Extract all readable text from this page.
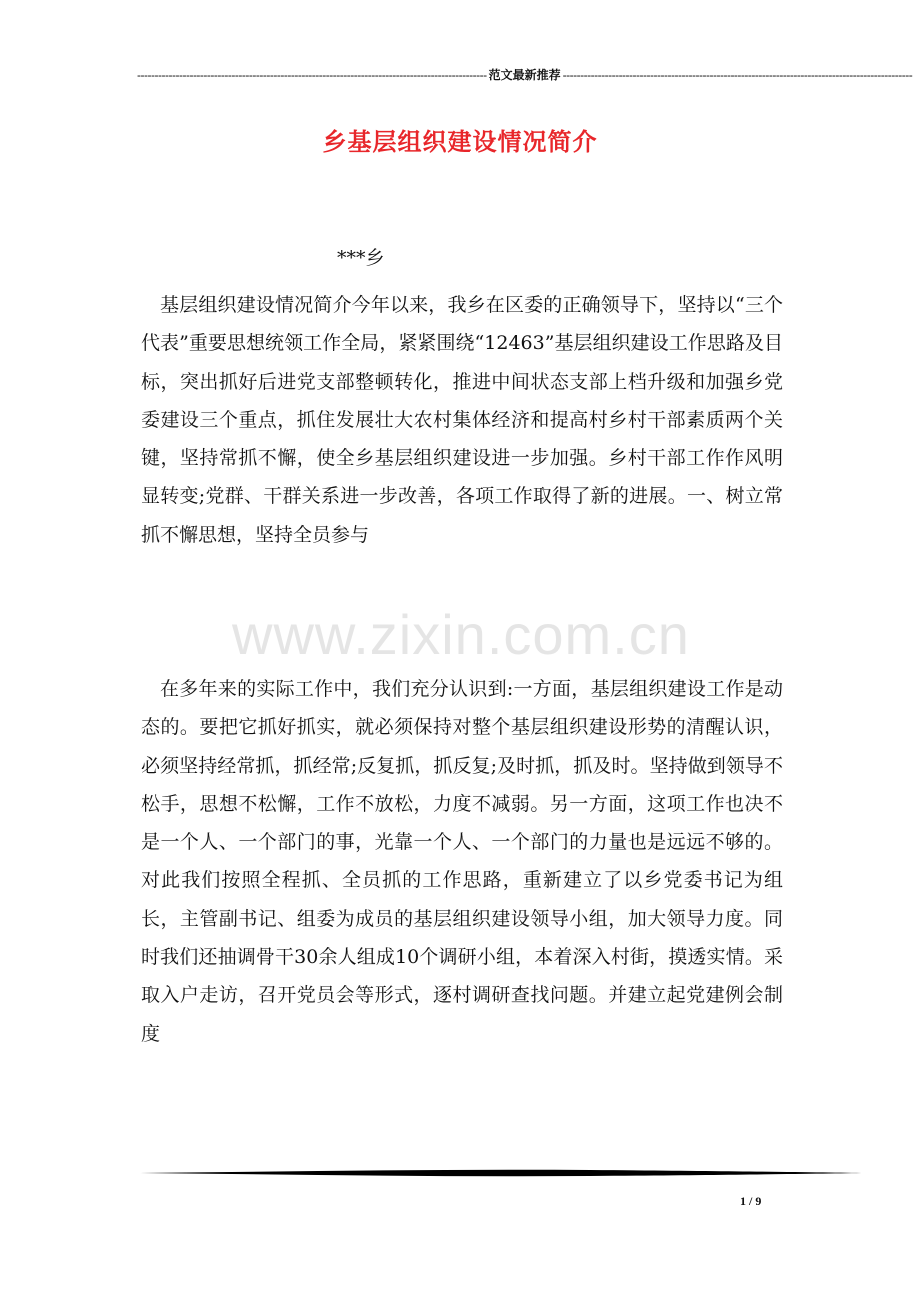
---------------------------------------------------------------------------------------------------- 范文最新推荐 ----------------------------------------------------------------------------------------------------
乡基层组织建设情况简介
***乡

基层组织建设情况简介今年以来，我乡在区委的正确领导下，坚持以“三个代表”重要思想统领工作全局，紧紧围绕“12463”基层组织建设工作思路及目标，突出抓好后进党支部整顿转化，推进中间状态支部上档升级和加强乡党委建设三个重点，抓住发展壮大农村集体经济和提高村乡村干部素质两个关键，坚持常抓不懈，使全乡基层组织建设进一步加强。乡村干部工作作风明显转变;党群、干群关系进一步改善，各项工作取得了新的进展。一、树立常抓不懈思想，坚持全员参与

在多年来的实际工作中，我们充分认识到:一方面，基层组织建设工作是动态的。要把它抓好抓实，就必须保持对整个基层组织建设形势的清醒认识，必须坚持经常抓，抓经常;反复抓，抓反复;及时抓，抓及时。坚持做到领导不松手，思想不松懈，工作不放松，力度不减弱。另一方面，这项工作也决不是一个人、一个部门的事，光靠一个人、一个部门的力量也是远远不够的。对此我们按照全程抓、全员抓的工作思路，重新建立了以乡党委书记为组长，主管副书记、组委为成员的基层组织建设领导小组，加大领导力度。同时我们还抽调骨干30余人组成10个调研小组，本着深入村街，摸透实情。采取入户走访，召开党员会等形式，逐村调研查找问题。并建立起党建例会制度

www.zixin.com.cn
1 / 9
